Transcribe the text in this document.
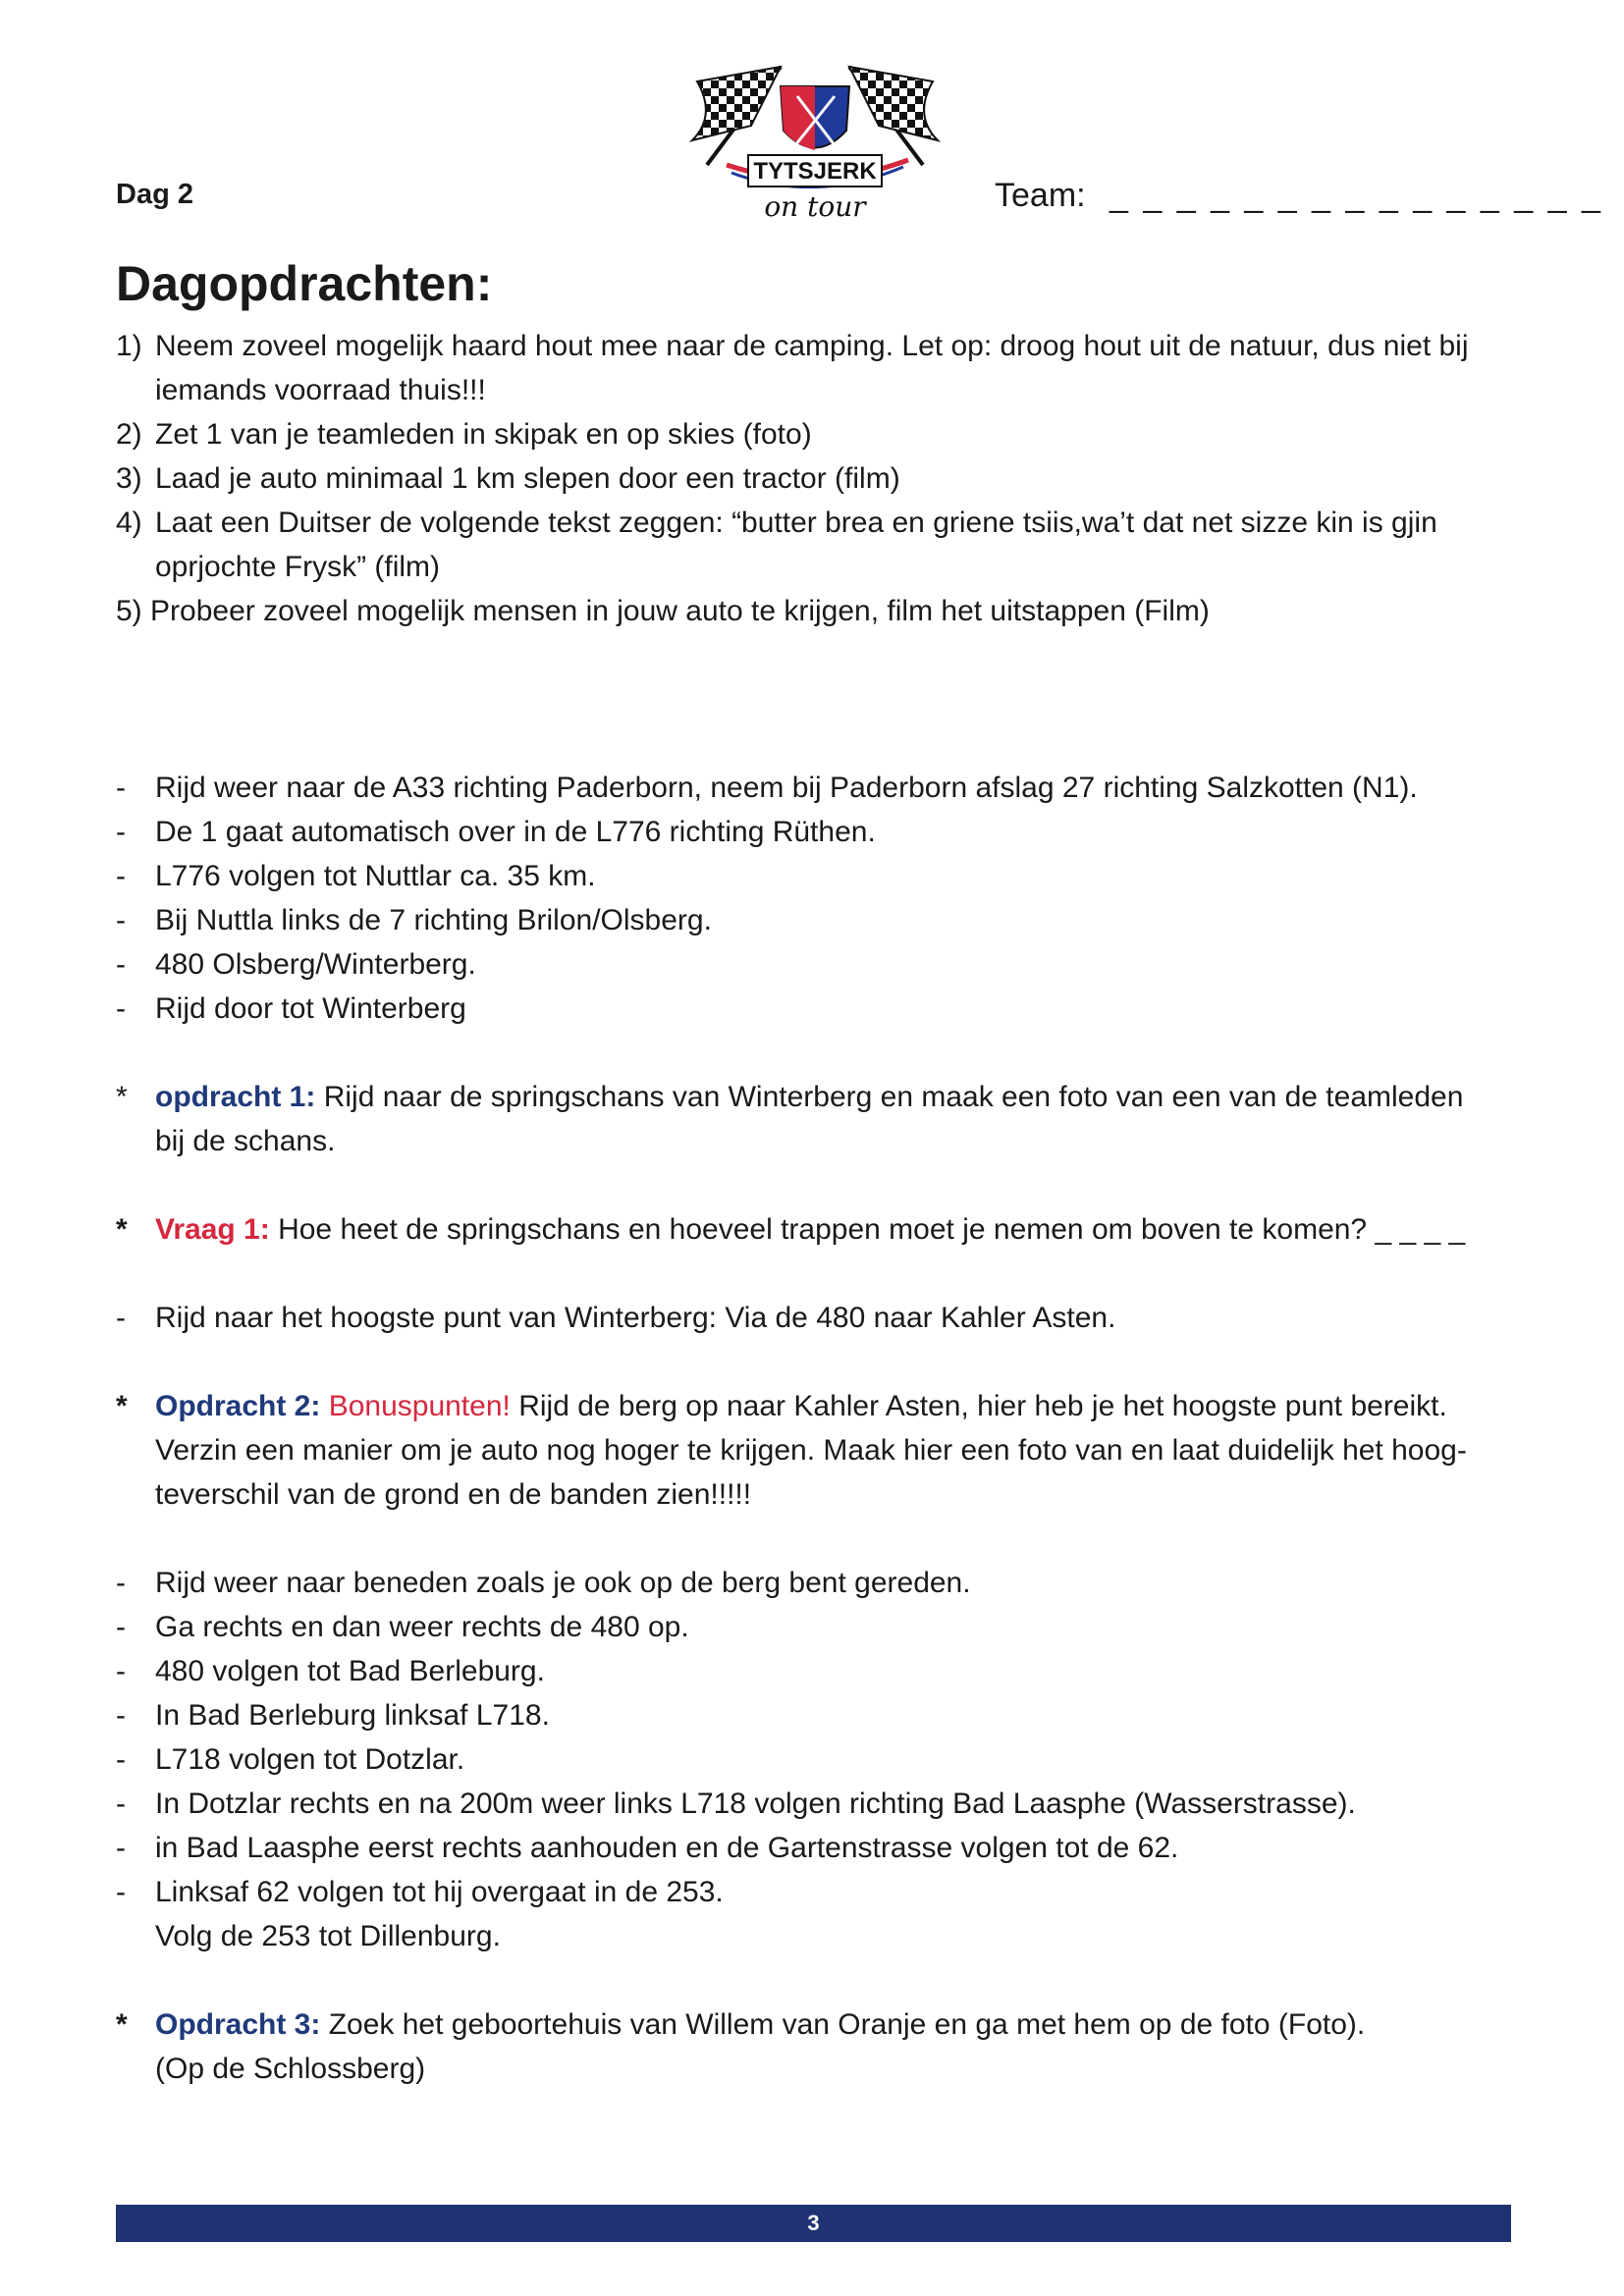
Dag 2
TYTSJERK
on tour	Team: _ _ _ _ _ _ _ _ _ _ _ _ _ _ _
Dagopdrachten:
1) Neem zoveel mogelijk haard hout mee naar de camping. Let op: droog hout uit de natuur, dus niet bij
iemands voorraad thuis!!!
2) Zet 1 van je teamleden in skipak en op skies (foto)
3) Laad je auto minimaal 1 km slepen door een tractor (film)
4) Laat een Duitser de volgende tekst zeggen: “butter brea en griene tsiis,wa’t dat net sizze kin is gjin
oprjochte Frysk” (film)
5) Probeer zoveel mogelijk mensen in jouw auto te krijgen, film het uitstappen (Film)
- Rijd weer naar de A33 richting Paderborn, neem bij Paderborn afslag 27 richting Salzkotten (N1).
- De 1 gaat automatisch over in de L776 richting Rüthen.
- L776 volgen tot Nuttlar ca. 35 km.
- Bij Nuttla links de 7 richting Brilon/Olsberg.
- 480 Olsberg/Winterberg.
- Rijd door tot Winterberg
* opdracht 1: Rijd naar de springschans van Winterberg en maak een foto van een van de teamleden
bij de schans.
* Vraag 1: Hoe heet de springschans en hoeveel trappen moet je nemen om boven te komen? _ _ _ _
- Rijd naar het hoogste punt van Winterberg: Via de 480 naar Kahler Asten.
* Opdracht 2: Bonuspunten! Rijd de berg op naar Kahler Asten, hier heb je het hoogste punt bereikt.
Verzin een manier om je auto nog hoger te krijgen. Maak hier een foto van en laat duidelijk het hoog-
teverschil van de grond en de banden zien!!!!!
- Rijd weer naar beneden zoals je ook op de berg bent gereden.
- Ga rechts en dan weer rechts de 480 op.
- 480 volgen tot Bad Berleburg.
- In Bad Berleburg linksaf L718.
- L718 volgen tot Dotzlar.
- In Dotzlar rechts en na 200m weer links L718 volgen richting Bad Laasphe (Wasserstrasse).
- in Bad Laasphe eerst rechts aanhouden en de Gartenstrasse volgen tot de 62.
- Linksaf 62 volgen tot hij overgaat in de 253.
Volg de 253 tot Dillenburg.
* Opdracht 3: Zoek het geboortehuis van Willem van Oranje en ga met hem op de foto (Foto).
(Op de Schlossberg)
3
